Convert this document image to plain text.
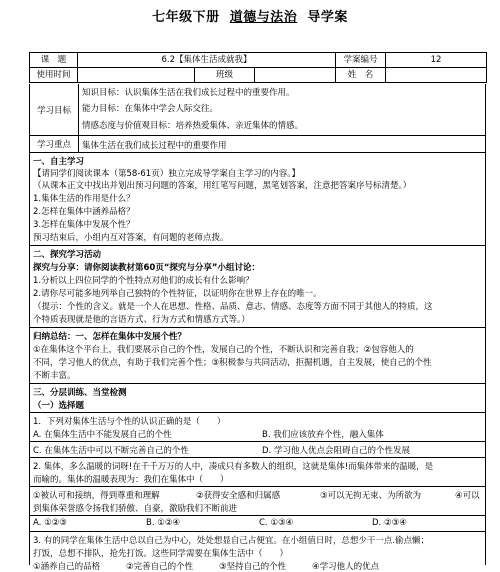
七年级下册 道德与法治 导学案
课　题	6.2【集体生活成就我】			学案编号	12
使用时间		班级		姓　名	
学习目标
知识目标：认识集体生活在我们成长过程中的重要作用。
能力目标：在集体中学会人际交往。
情感态度与价值观目标：培养热爱集体、亲近集体的情感。
学习重点	集体生活在我们成长过程中的重要作用
一、自主学习
【请同学们阅读课本（第58-61页）独立完成导学案自主学习的内容。】
（从课本正文中找出并划出预习问题的答案，用红笔写问题，黑笔划答案，注意把答案序号标清楚。）
1.集体生活的作用是什么？
2.怎样在集体中涵养品格？
3.怎样在集体中发展个性？
预习结束后，小组内互对答案，有问题的老师点拨。
二、探究学习活动
探究与分享：请你阅读教材第60页“探究与分享”小组讨论：
1.分析以上四位同学的个性特点对他们的成长有什么影响？
2.请你尽可能多地列举自己独特的个性特征，以证明你在世界上存在的唯一。
（提示：个性的含义。就是一个人在思想、性格、品质、意志、情感、态度等方面不同于其他人的特质，这
个特质表现就是他的言语方式、行为方式和情感方式等。）
归纳总结：一、怎样在集体中发展个性？
①在集体这个平台上，我们要展示自己的个性，发展自己的个性，不断认识和完善自我；②包容他人的
不同，学习他人的优点，有助于我们完善个性；③积极参与共同活动，拒掘机遇，自主发展，使自己的个性
不断丰富。
三、分层训练、当堂检测
（一）选择题
1．下列对集体生活与个性的认识正确的是（　　）
A. 在集体生活中不能发展自己的个性	B. 我们应该放弃个性，融入集体
C. 在集体生活中可以不断完善自己的个性	D. 学习他人优点会阻碍自己的个性发展
2. 集体，多么温暖的词呀!在千千万万的人中，凑成只有多数人的组织，这就是集体!而集体带来的温暖，是
而喻的。集体的温暖表现为：我们在集体中（　　）
①被认可和接纳，得到尊重和理解	②获得安全感和归属感	③可以无拘无束、为所欲为	④可以
到集体荣誉感令扬我们骄傲、自豪，激励我们不断前进
A. ①②③	B. ①②④	C. ①③④	D. ②③④
3. 有的同学在集体生活中总以自己为中心，处处想显自己占便宜。在小组值日时，总想少干一点.偷点懒；
打饭，总想不排队，抢先打饭。这些同学需要在集体生活中（　　）
①涵养自己的品格	②完善自己的个性	③坚持自己的个性	④学习他人的优点
